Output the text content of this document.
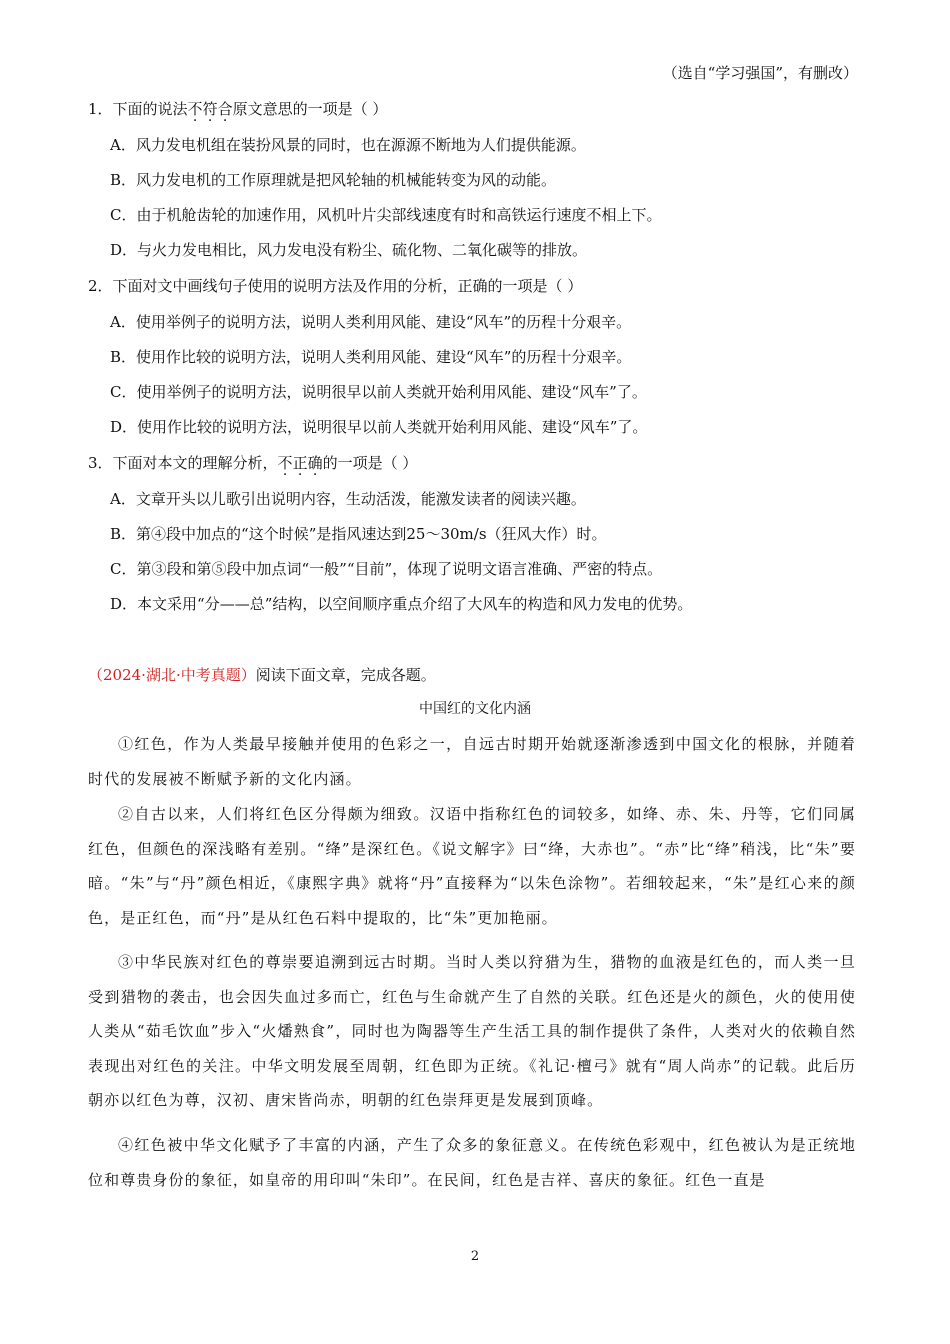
（选自“学习强国”，有删改）
1．下面的说法不符合原文意思的一项是（ ）
A．风力发电机组在装扮风景的同时，也在源源不断地为人们提供能源。
B．风力发电机的工作原理就是把风轮轴的机械能转变为风的动能。
C．由于机舱齿轮的加速作用，风机叶片尖部线速度有时和高铁运行速度不相上下。
D．与火力发电相比，风力发电没有粉尘、硫化物、二氧化碳等的排放。
2．下面对文中画线句子使用的说明方法及作用的分析，正确的一项是（ ）
A．使用举例子的说明方法，说明人类利用风能、建设“风车”的历程十分艰辛。
B．使用作比较的说明方法，说明人类利用风能、建设“风车”的历程十分艰辛。
C．使用举例子的说明方法，说明很早以前人类就开始利用风能、建设“风车”了。
D．使用作比较的说明方法，说明很早以前人类就开始利用风能、建设“风车”了。
3．下面对本文的理解分析，不正确的一项是（ ）
A．文章开头以儿歌引出说明内容，生动活泼，能激发读者的阅读兴趣。
B．第④段中加点的“这个时候”是指风速达到25～30m/s（狂风大作）时。
C．第③段和第⑤段中加点词“一般”“目前”，体现了说明文语言准确、严密的特点。
D．本文采用“分——总”结构，以空间顺序重点介绍了大风车的构造和风力发电的优势。
（2024·湖北·中考真题）阅读下面文章，完成各题。
中国红的文化内涵
①红色，作为人类最早接触并使用的色彩之一，自远古时期开始就逐渐渗透到中国文化的根脉，并随着时代的发展被不断赋予新的文化内涵。
②自古以来，人们将红色区分得颇为细致。汉语中指称红色的词较多，如绛、赤、朱、丹等，它们同属红色，但颜色的深浅略有差别。“绛”是深红色。《说文解字》曰“绛，大赤也”。“赤”比“绛”稍浅，比“朱”要暗。“朱”与“丹”颜色相近，《康熙字典》就将“丹”直接释为“以朱色涂物”。若细较起来，“朱”是红心来的颜色，是正红色，而“丹”是从红色石料中提取的，比“朱”更加艳丽。
③中华民族对红色的尊崇要追溯到远古时期。当时人类以狩猎为生，猎物的血液是红色的，而人类一旦受到猎物的袭击，也会因失血过多而亡，红色与生命就产生了自然的关联。红色还是火的颜色，火的使用使人类从“茹毛饮血”步入“火燔熟食”，同时也为陶器等生产生活工具的制作提供了条件，人类对火的依赖自然表现出对红色的关注。中华文明发展至周朝，红色即为正统。《礼记·檀弓》就有“周人尚赤”的记载。此后历朝亦以红色为尊，汉初、唐宋皆尚赤，明朝的红色崇拜更是发展到顶峰。
④红色被中华文化赋予了丰富的内涵，产生了众多的象征意义。在传统色彩观中，红色被认为是正统地位和尊贵身份的象征，如皇帝的用印叫“朱印”。在民间，红色是吉祥、喜庆的象征。红色一直是
2
